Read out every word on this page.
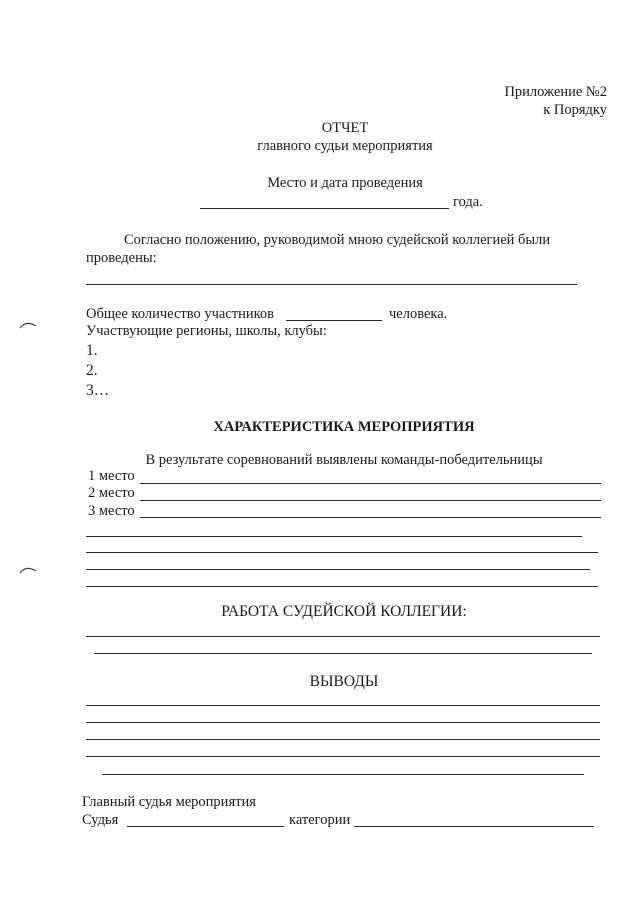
Приложение №2
к Порядку
ОТЧЕТ
главного судьи мероприятия
Место и дата проведения
года.
Согласно положению, руководимой мною судейской коллегией были
проведены:
Общее количество участников	человека.
Участвующие регионы, школы, клубы:
1.
2.
3…
ХАРАКТЕРИСТИКА МЕРОПРИЯТИЯ
В результате соревнований выявлены команды-победительницы
1 место
2 место
3 место
РАБОТА СУДЕЙСКОЙ КОЛЛЕГИИ:
ВЫВОДЫ
Главный судья мероприятия
Судья	категории
